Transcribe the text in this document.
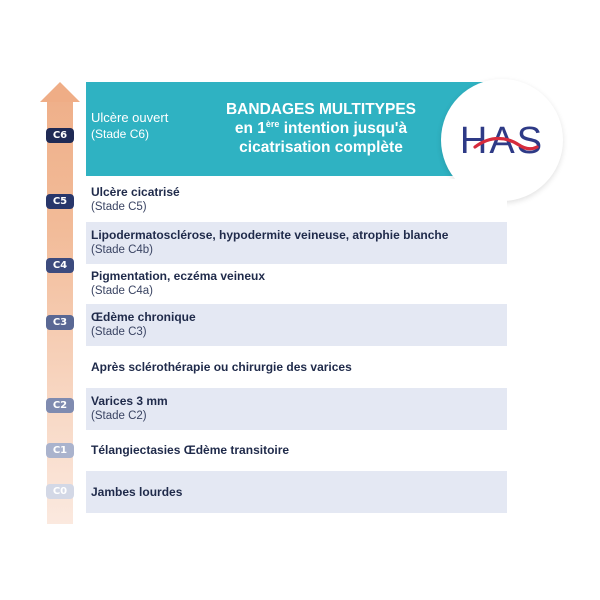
Ulcère ouvert
(Stade C6)
BANDAGES MULTITYPES
en 1ère intention jusqu'à
cicatrisation complète	HAS
C6
C5
C4
C3
C2
C1
C0
Ulcère cicatrisé
(Stade C5)
Lipodermatosclérose, hypodermite veineuse, atrophie blanche
(Stade C4b)
Pigmentation, eczéma veineux
(Stade C4a)
Œdème chronique
(Stade C3)
Après sclérothérapie ou chirurgie des varices
Varices 3 mm
(Stade C2)
Télangiectasies Œdème transitoire
Jambes lourdes
